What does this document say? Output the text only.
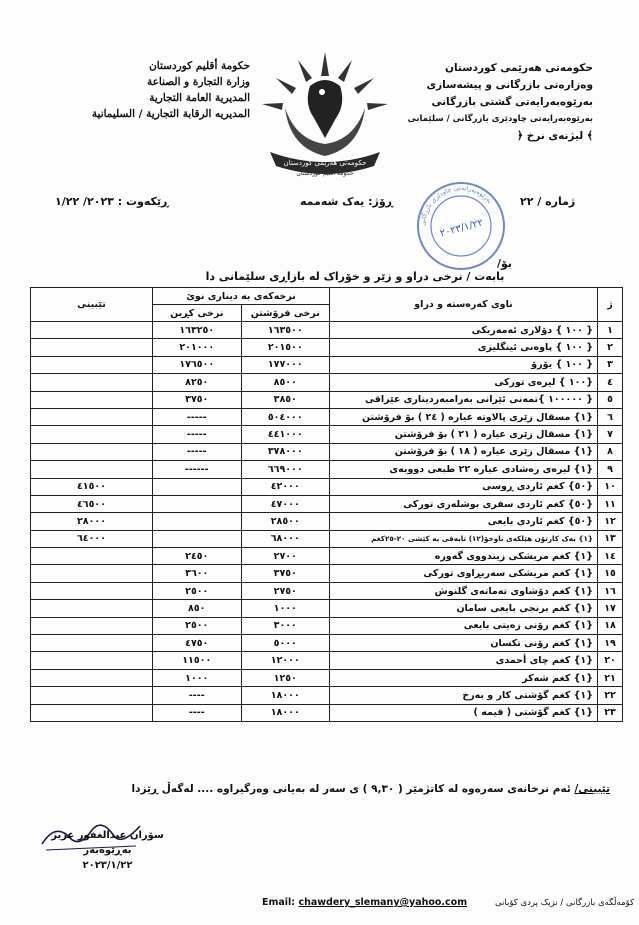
حکومەتی هەرێمی کوردستان
وەزارەتی بازرگانی و پیشەسازی
بەرێوەبەرایەتی گشتی بازرگانی
بەرێوەبەرایەتی چاودێری بازرگانی / سلێمانی
﴾ لیژنەی نرخ ﴿
حکومة أقليم كوردستان
وزارة التجارة و الصناعة
المديرية العامة التجارية
المديريه الرقابة التجارية / السليمانية
حکومەتی هەرێمی کوردستان
حكومة اقليم كوردستان
ژمارە / ٢٢
ڕۆژ: یەک شەممە
ڕێکەوت : ٢٠٢٣/ ١/٢٢
بەرێوەبەرایەتی چاودێری بازرگانی
٢٠٢٣/١/٢٢
بۆ/
بابەت / نرخی دراو و زێر و خۆراک لە بازاڕی سلێمانی دا
ژ	ناوی کەرەستە و دراو	نرخەکەی بە دیناری نوێ		تێبینی
		نرخی فرۆشتن	نرخی کڕین	
١	{ ١٠٠ } دۆلاری ئەمەریکی	١٦٣٥٠٠	١٦٣٢٥٠	
٢	{ ١٠٠ } پاوەنی ئینگلیزی	٢٠١٥٠٠	٢٠١٠٠٠	
٣	{ ١٠٠ } یۆرۆ	١٧٧٠٠٠	١٧٦٥٠٠	
٤	{١٠٠ } لیرەی تورکی	٨٥٠٠	٨٢٥٠	
٥	{ ١٠٠٠٠٠ }تمەنی ئێرانی بەرامبەردیناری عێراقی	٣٨٥٠	٣٧٥٠	
٦	{١} مسقال زێری پالاوتە عیارە ( ٢٤ ) بۆ فرۆشتن	٥٠٤٠٠٠	-----	
٧	{١} مسقال زێری عیارە ( ٢١ ) بۆ فرۆشتن	٤٤١٠٠٠	-----	
٨	{١} مسقال زێری عیارە ( ١٨ ) بۆ فرۆشتن	٣٧٨٠٠٠	-----	
٩	{١} لیرەی رەشادی عیارە ٢٢ طبعی دووبەی	٦٦٩٠٠٠	------	
١٠	{٥٠} کغم ئاردی ڕوسی	٤٢٠٠٠		٤١٥٠٠
١١	{٥٠} کغم ئاردی سفری بوشلەری تورکی	٤٧٠٠٠		٤٦٥٠٠
١٢	{٥٠} کغم ئاردی بایعی	٢٨٥٠٠		٢٨٠٠٠
١٣	{١} یەک کارتۆن هێلکەی ناوخۆ(١٢) تابەقی بە کێشی ٢٠-٢٥کغم	٦٨٠٠٠		٦٤٠٠٠
١٤	{١} کغم مریشکی زیندووی گەورە	٢٧٠٠	٢٤٥٠	
١٥	{١} کغم مریشکی سەربڕاوی تورکی	٣٧٥٠	٣٦٠٠	
١٦	{١} کغم دۆشاوی تەماتەی گلنوش	٢٧٥٠	٢٥٠٠	
١٧	{١} کغم برنجی بایعی سامان	١٠٠٠	٨٥٠	
١٨	{١} کغم رۆنی زەیتی بایعی	٣٠٠٠	٢٥٠٠	
١٩	{١} کغم رۆنی تکسان	٥٠٠٠	٤٧٥٠	
٢٠	{١} کغم چای أحمدی	١٢٠٠٠	١١٥٠٠	
٢١	{١} کغم شەکر	١٢٥٠	١٠٠٠	
٢٢	{١} کغم گۆشتی کار و بەرخ	١٨٠٠٠	----	
٢٣	{١} کغم گۆشتی ( قیمە )	١٨٠٠٠	----	
تێبینی/ ئەم نرخانەی سەرەوە لە کاتژمێر ( ٩,٣٠ ) ی سەر لە بەیانی وەرگیراوە .... لەگەڵ ڕێزدا
سۆران عبدالغفور عزیز
بەڕێوەبەر
٢٠٢٣/١/٢٢
Email: chawdery_slemany@yahoo.com	کۆمەڵگەی بازرگانی / نزیک پردی کۆبانی
